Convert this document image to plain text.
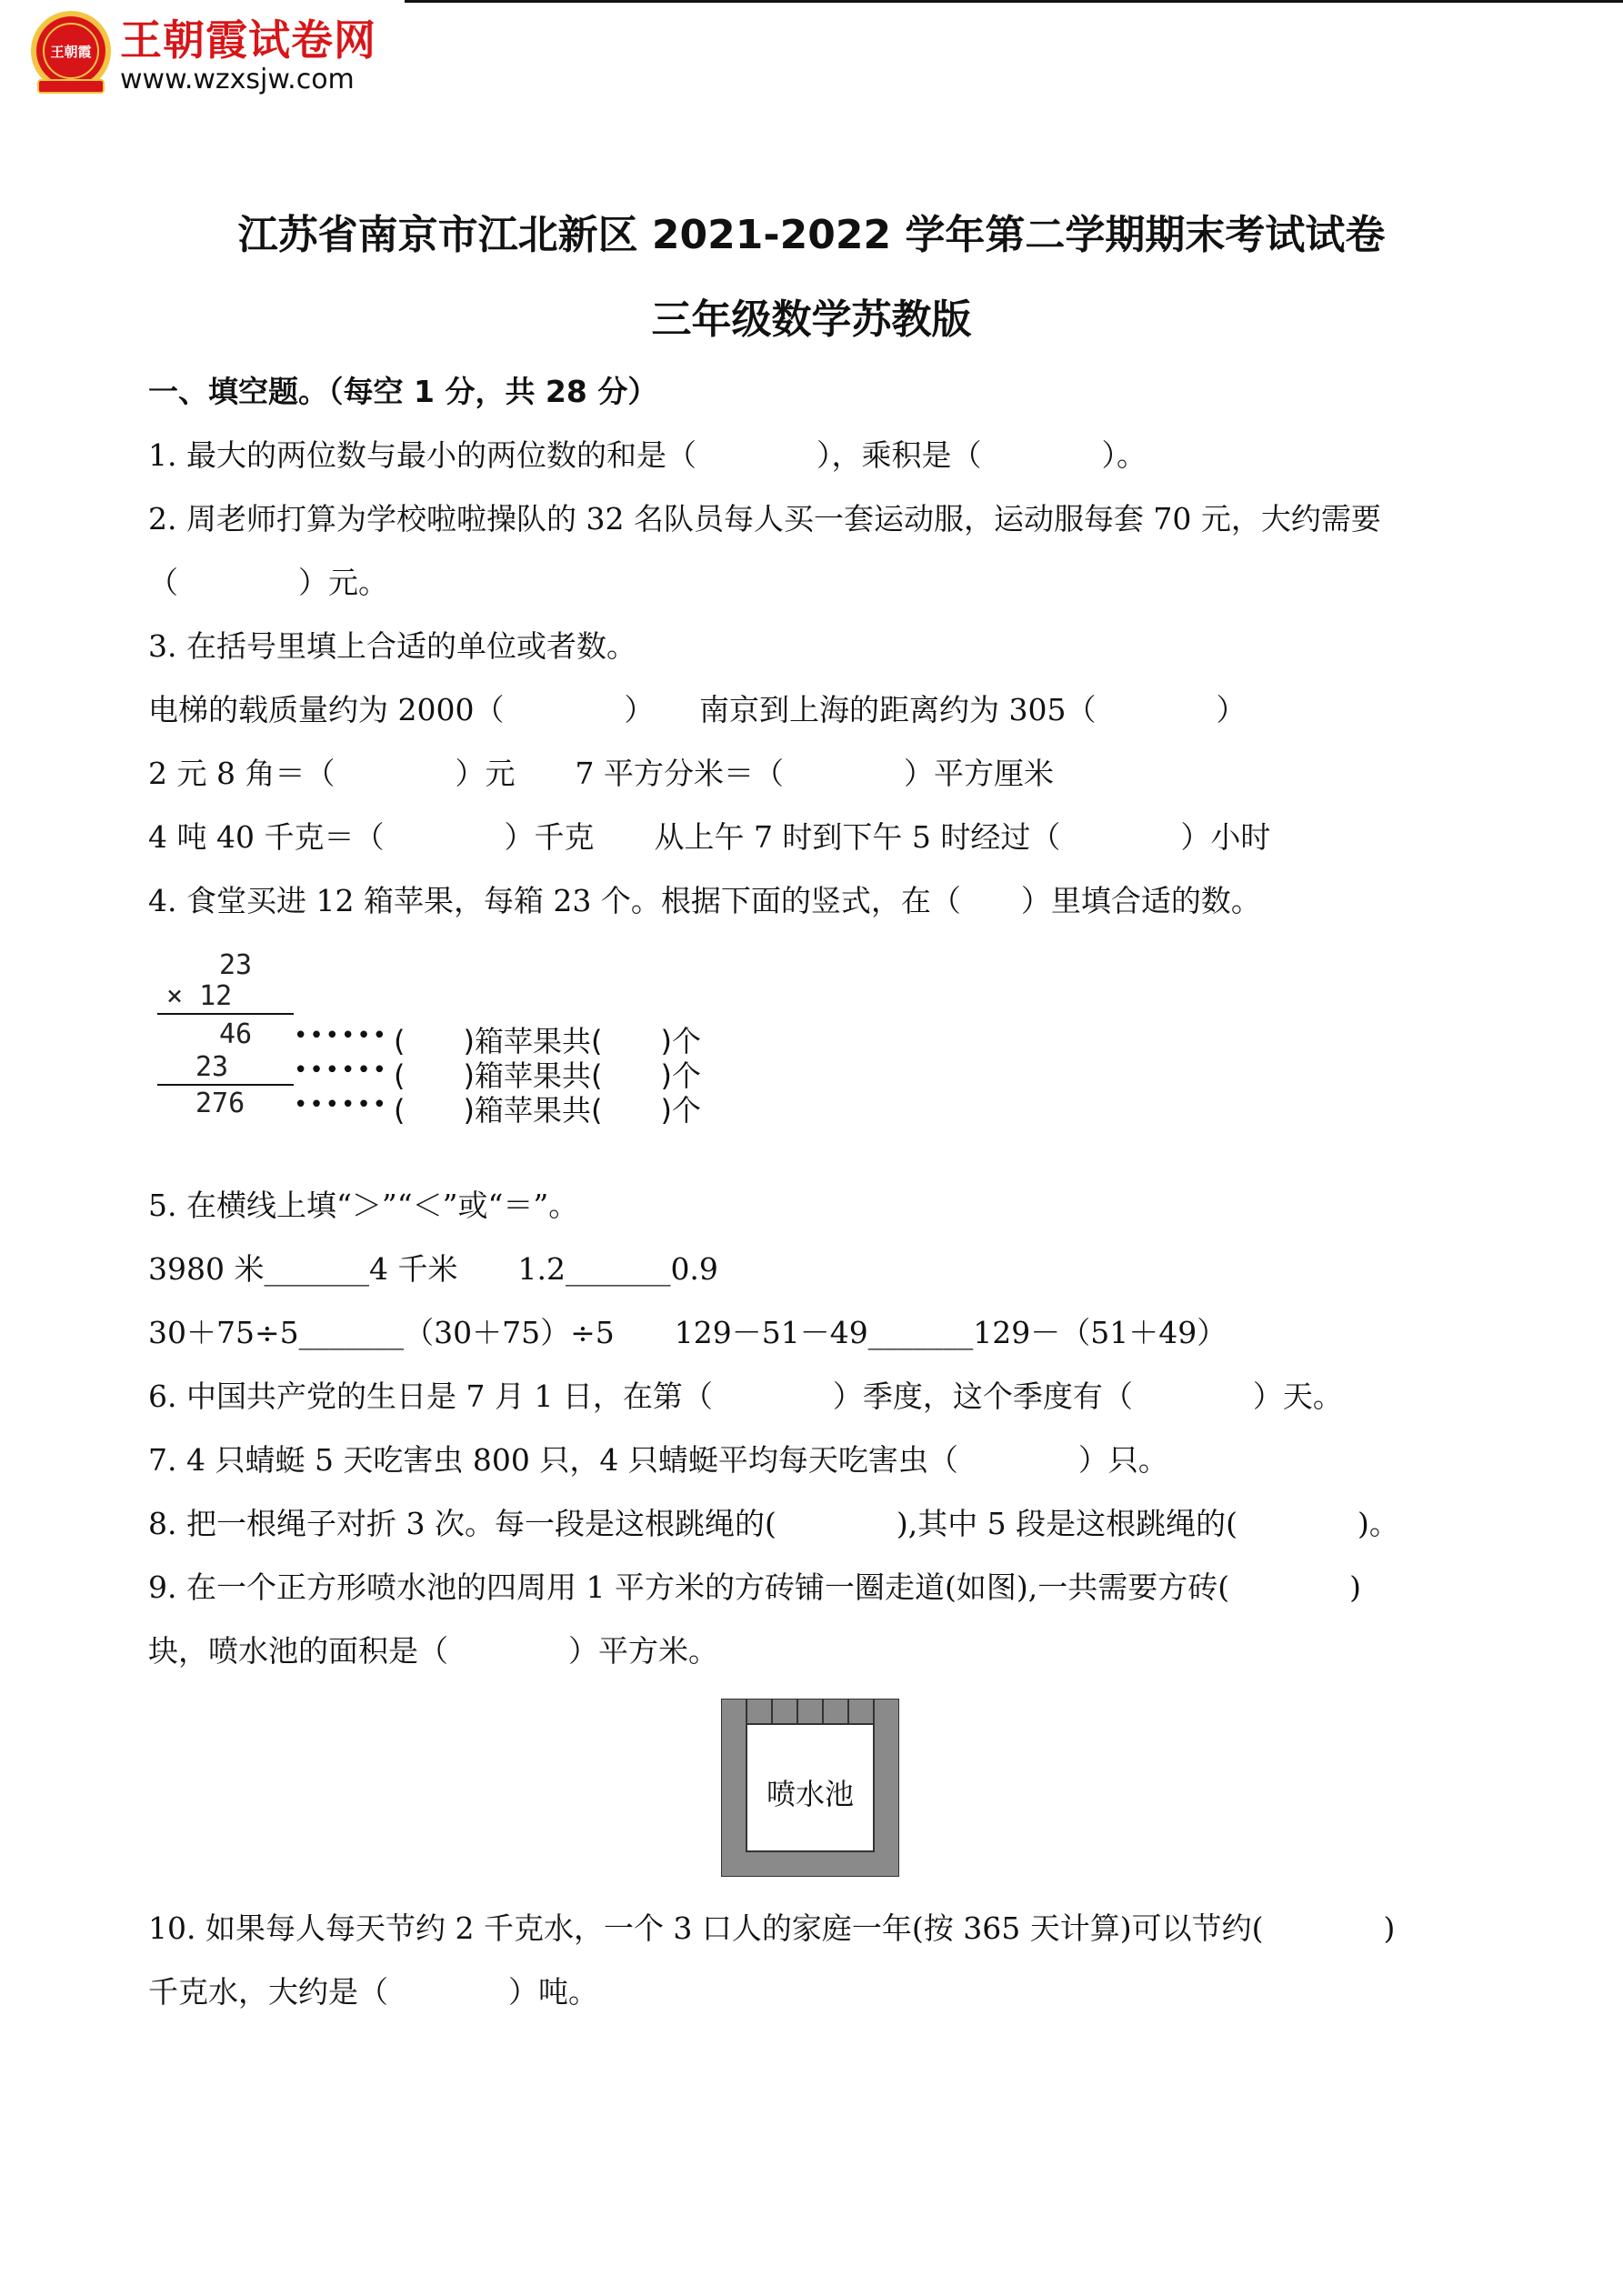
王朝霞 王朝霞试卷网
www.wzxsjw.com
江苏省南京市江北新区 2021-2022 学年第二学期期末考试试卷
三年级数学苏教版
一、填空题。（每空 1 分，共 28 分）
1. 最大的两位数与最小的两位数的和是（　　　　），乘积是（　　　　）。
2. 周老师打算为学校啦啦操队的 32 名队员每人买一套运动服，运动服每套 70 元，大约需要
（　　　　）元。
3. 在括号里填上合适的单位或者数。
电梯的载质量约为 2000（　　　　）　　南京到上海的距离约为 305（　　　　）
2 元 8 角＝（　　　　）元　　7 平方分米＝（　　　　）平方厘米
4 吨 40 千克＝（　　　　）千克　　从上午 7 时到下午 5 时经过（　　　　）小时
4. 食堂买进 12 箱苹果，每箱 23 个。根据下面的竖式，在（　　）里填合适的数。
23
× 12
46
23
276
••••••
••••••
••••••
(　　)箱苹果共(　　)个
(　　)箱苹果共(　　)个
(　　)箱苹果共(　　)个
5. 在横线上填“＞”“＜”或“＝”。
3980 米_______4 千米　　1.2_______0.9
30＋75÷5_______（30＋75）÷5　　129－51－49_______129－（51＋49）
6. 中国共产党的生日是 7 月 1 日，在第（　　　　）季度，这个季度有（　　　　）天。
7. 4 只蜻蜓 5 天吃害虫 800 只，4 只蜻蜓平均每天吃害虫（　　　　）只。
8. 把一根绳子对折 3 次。每一段是这根跳绳的(　　　　),其中 5 段是这根跳绳的(　　　　)。
9. 在一个正方形喷水池的四周用 1 平方米的方砖铺一圈走道(如图),一共需要方砖(　　　　)
块，喷水池的面积是（　　　　）平方米。
喷水池
10. 如果每人每天节约 2 千克水，一个 3 口人的家庭一年(按 365 天计算)可以节约(　　　　)
千克水，大约是（　　　　）吨。
